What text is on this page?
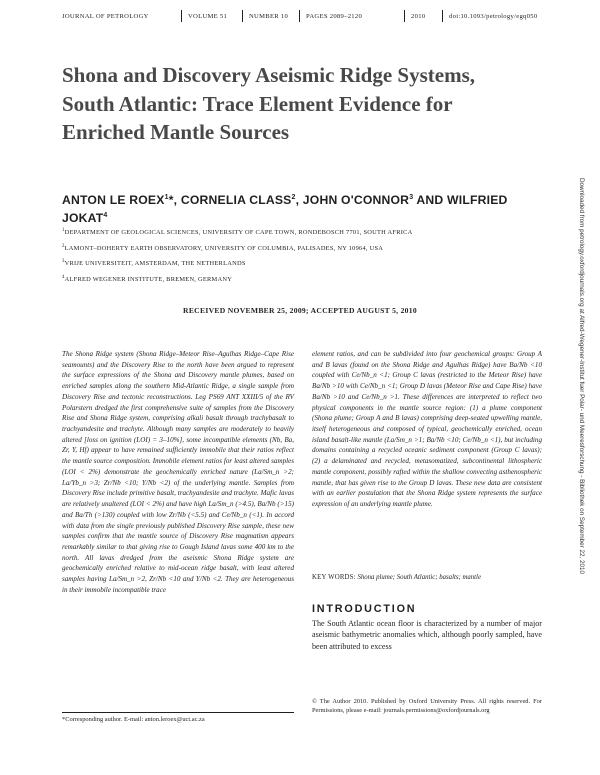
JOURNAL OF PETROLOGY	VOLUME 51	NUMBER 10	PAGES 2089–2120	2010	doi:10.1093/petrology/egq050
Shona and Discovery Aseismic Ridge Systems, South Atlantic: Trace Element Evidence for Enriched Mantle Sources
ANTON LE ROEX$^1$*, CORNELIA CLASS$^2$, JOHN O'CONNOR$^3$ AND WILFRIED JOKAT$^4$
$^1$DEPARTMENT OF GEOLOGICAL SCIENCES, UNIVERSITY OF CAPE TOWN, RONDEBOSCH 7701, SOUTH AFRICA
$^2$LAMONT–DOHERTY EARTH OBSERVATORY, UNIVERSITY OF COLUMBIA, PALISADES, NY 10964, USA
$^3$VRIJE UNIVERSITEIT, AMSTERDAM, THE NETHERLANDS
$^4$ALFRED WEGENER INSTITUTE, BREMEN, GERMANY
RECEIVED NOVEMBER 25, 2009; ACCEPTED AUGUST 5, 2010

The Shona Ridge system (Shona Ridge–Meteor Rise–Agulhas Ridge–Cape Rise seamounts) and the Discovery Rise to the north have been argued to represent the surface expressions of the Shona and Discovery mantle plumes, based on enriched samples along the southern Mid-Atlantic Ridge, a single sample from Discovery Rise and tectonic reconstructions. Leg PS69 ANT XXIII/5 of the RV Polarstern dredged the first comprehensive suite of samples from the Discovery Rise and Shona Ridge system, comprising alkali basalt through trachybasalt to trachyandesite and trachyte. Although many samples are moderately to heavily altered [loss on ignition (LOI) = 3–10%], some incompatible elements (Nb, Ba, Zr, Y, Hf) appear to have remained sufficiently immobile that their ratios reflect the mantle source composition. Immobile element ratios for least altered samples (LOI < 2%) demonstrate the geochemically enriched nature (La/Sm_n >2; La/Yb_n >3; Zr/Nb <10; Y/Nb <2) of the underlying mantle. Samples from Discovery Rise include primitive basalt, trachyandesite and trachyte. Mafic lavas are relatively unaltered (LOI < 2%) and have high La/Sm_n (>4.5), Ba/Nb (>15) and Ba/Th (>130) coupled with low Zr/Nb (<5.5) and Ce/Nb_n (<1). In accord with data from the single previously published Discovery Rise sample, these new samples confirm that the mantle source of Discovery Rise magmatism appears remarkably similar to that giving rise to Gough Island lavas some 400 km to the north. All lavas dredged from the aseismic Shona Ridge system are geochemically enriched relative to mid-ocean ridge basalt, with least altered samples having La/Sm_n >2, Zr/Nb <10 and Y/Nb <2. They are heterogeneous in their immobile incompatible trace

element ratios, and can be subdivided into four geochemical groups: Group A and B lavas (found on the Shona Ridge and Agulhas Ridge) have Ba/Nb <10 coupled with Ce/Nb_n <1; Group C lavas (restricted to the Meteor Rise) have Ba/Nb >10 with Ce/Nb_n <1; Group D lavas (Meteor Rise and Cape Rise) have Ba/Nb >10 and Ce/Nb_n >1. These differences are interpreted to reflect two physical components in the mantle source region: (1) a plume component (Shona plume; Group A and B lavas) comprising deep-seated upwelling mantle, itself heterogeneous and composed of typical, geochemically enriched, ocean island basalt-like mantle (La/Sm_n >1; Ba/Nb <10; Ce/Nb_n <1), but including domains containing a recycled oceanic sediment component (Group C lavas); (2) a delaminated and recycled, metasomatized, subcontinental lithospheric mantle component, possibly rafted within the shallow convecting asthenospheric mantle, that has given rise to the Group D lavas. These new data are consistent with an earlier postulation that the Shona Ridge system represents the surface expression of an underlying mantle plume.

KEY WORDS: Shona plume; South Atlantic; basalts; mantle
INTRODUCTION

The South Atlantic ocean floor is characterized by a number of major aseismic bathymetric anomalies which, although poorly sampled, have been attributed to excess

*Corresponding author. E-mail: anton.leroex@uct.ac.za
© The Author 2010. Published by Oxford University Press. All rights reserved. For Permissions, please e-mail: journals.permissions@oxfordjournals.org
Downloaded from petrology.oxfordjournals.org at Alfred-Wegener-Institut fuer Polar- und Meeresforschung - Bibliothek on September 22, 2010
